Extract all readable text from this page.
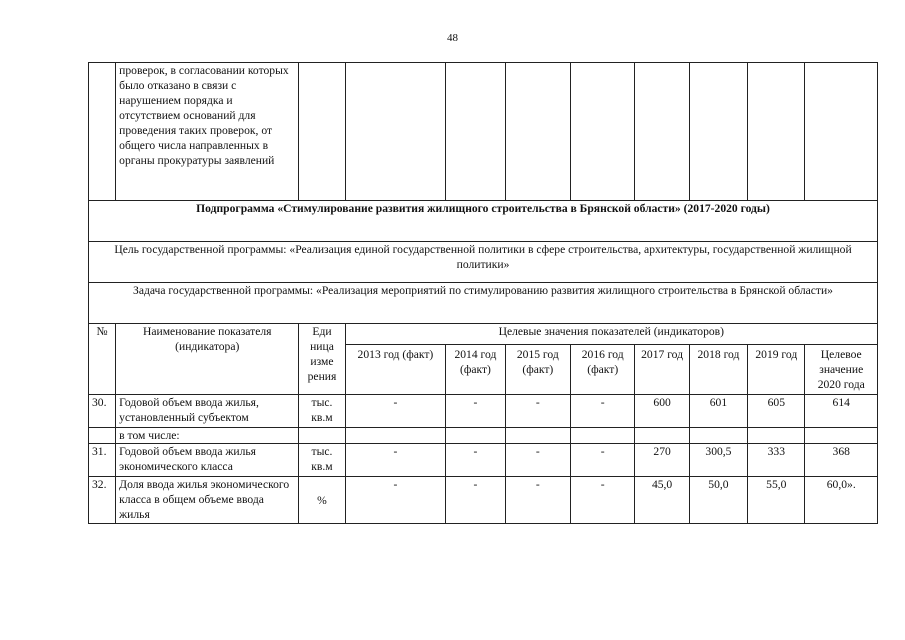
48
	проверок, в согласовании которых было отказано в связи с нарушением порядка и отсутствием оснований для проведения таких проверок, от общего числа направленных в органы прокуратуры заявлений									
Подпрограмма «Стимулирование развития жилищного строительства в Брянской области» (2017-2020 годы)										
Цель государственной программы: «Реализация единой государственной политики в сфере строительства, архитектуры, государственной жилищной политики»										
Задача государственной программы: «Реализация мероприятий по стимулированию развития жилищного строительства в Брянской области»										
№	Наименование показателя (индикатора)	Еди ница изме рения	Целевые значения показателей (индикаторов)							
			2013 год (факт)	2014 год (факт)	2015 год (факт)	2016 год (факт)	2017 год	2018 год	2019 год	Целевое значение 2020 года
30.	Годовой объем ввода жилья, установленный субъектом	тыс. кв.м	-	-	-	-	600	601	605	614
	в том числе:									
31.	Годовой объем ввода жилья экономического класса	тыс. кв.м	-	-	-	-	270	300,5	333	368
32.	Доля ввода жилья экономического класса в общем объеме ввода жилья	%	-	-	-	-	45,0	50,0	55,0	60,0».
